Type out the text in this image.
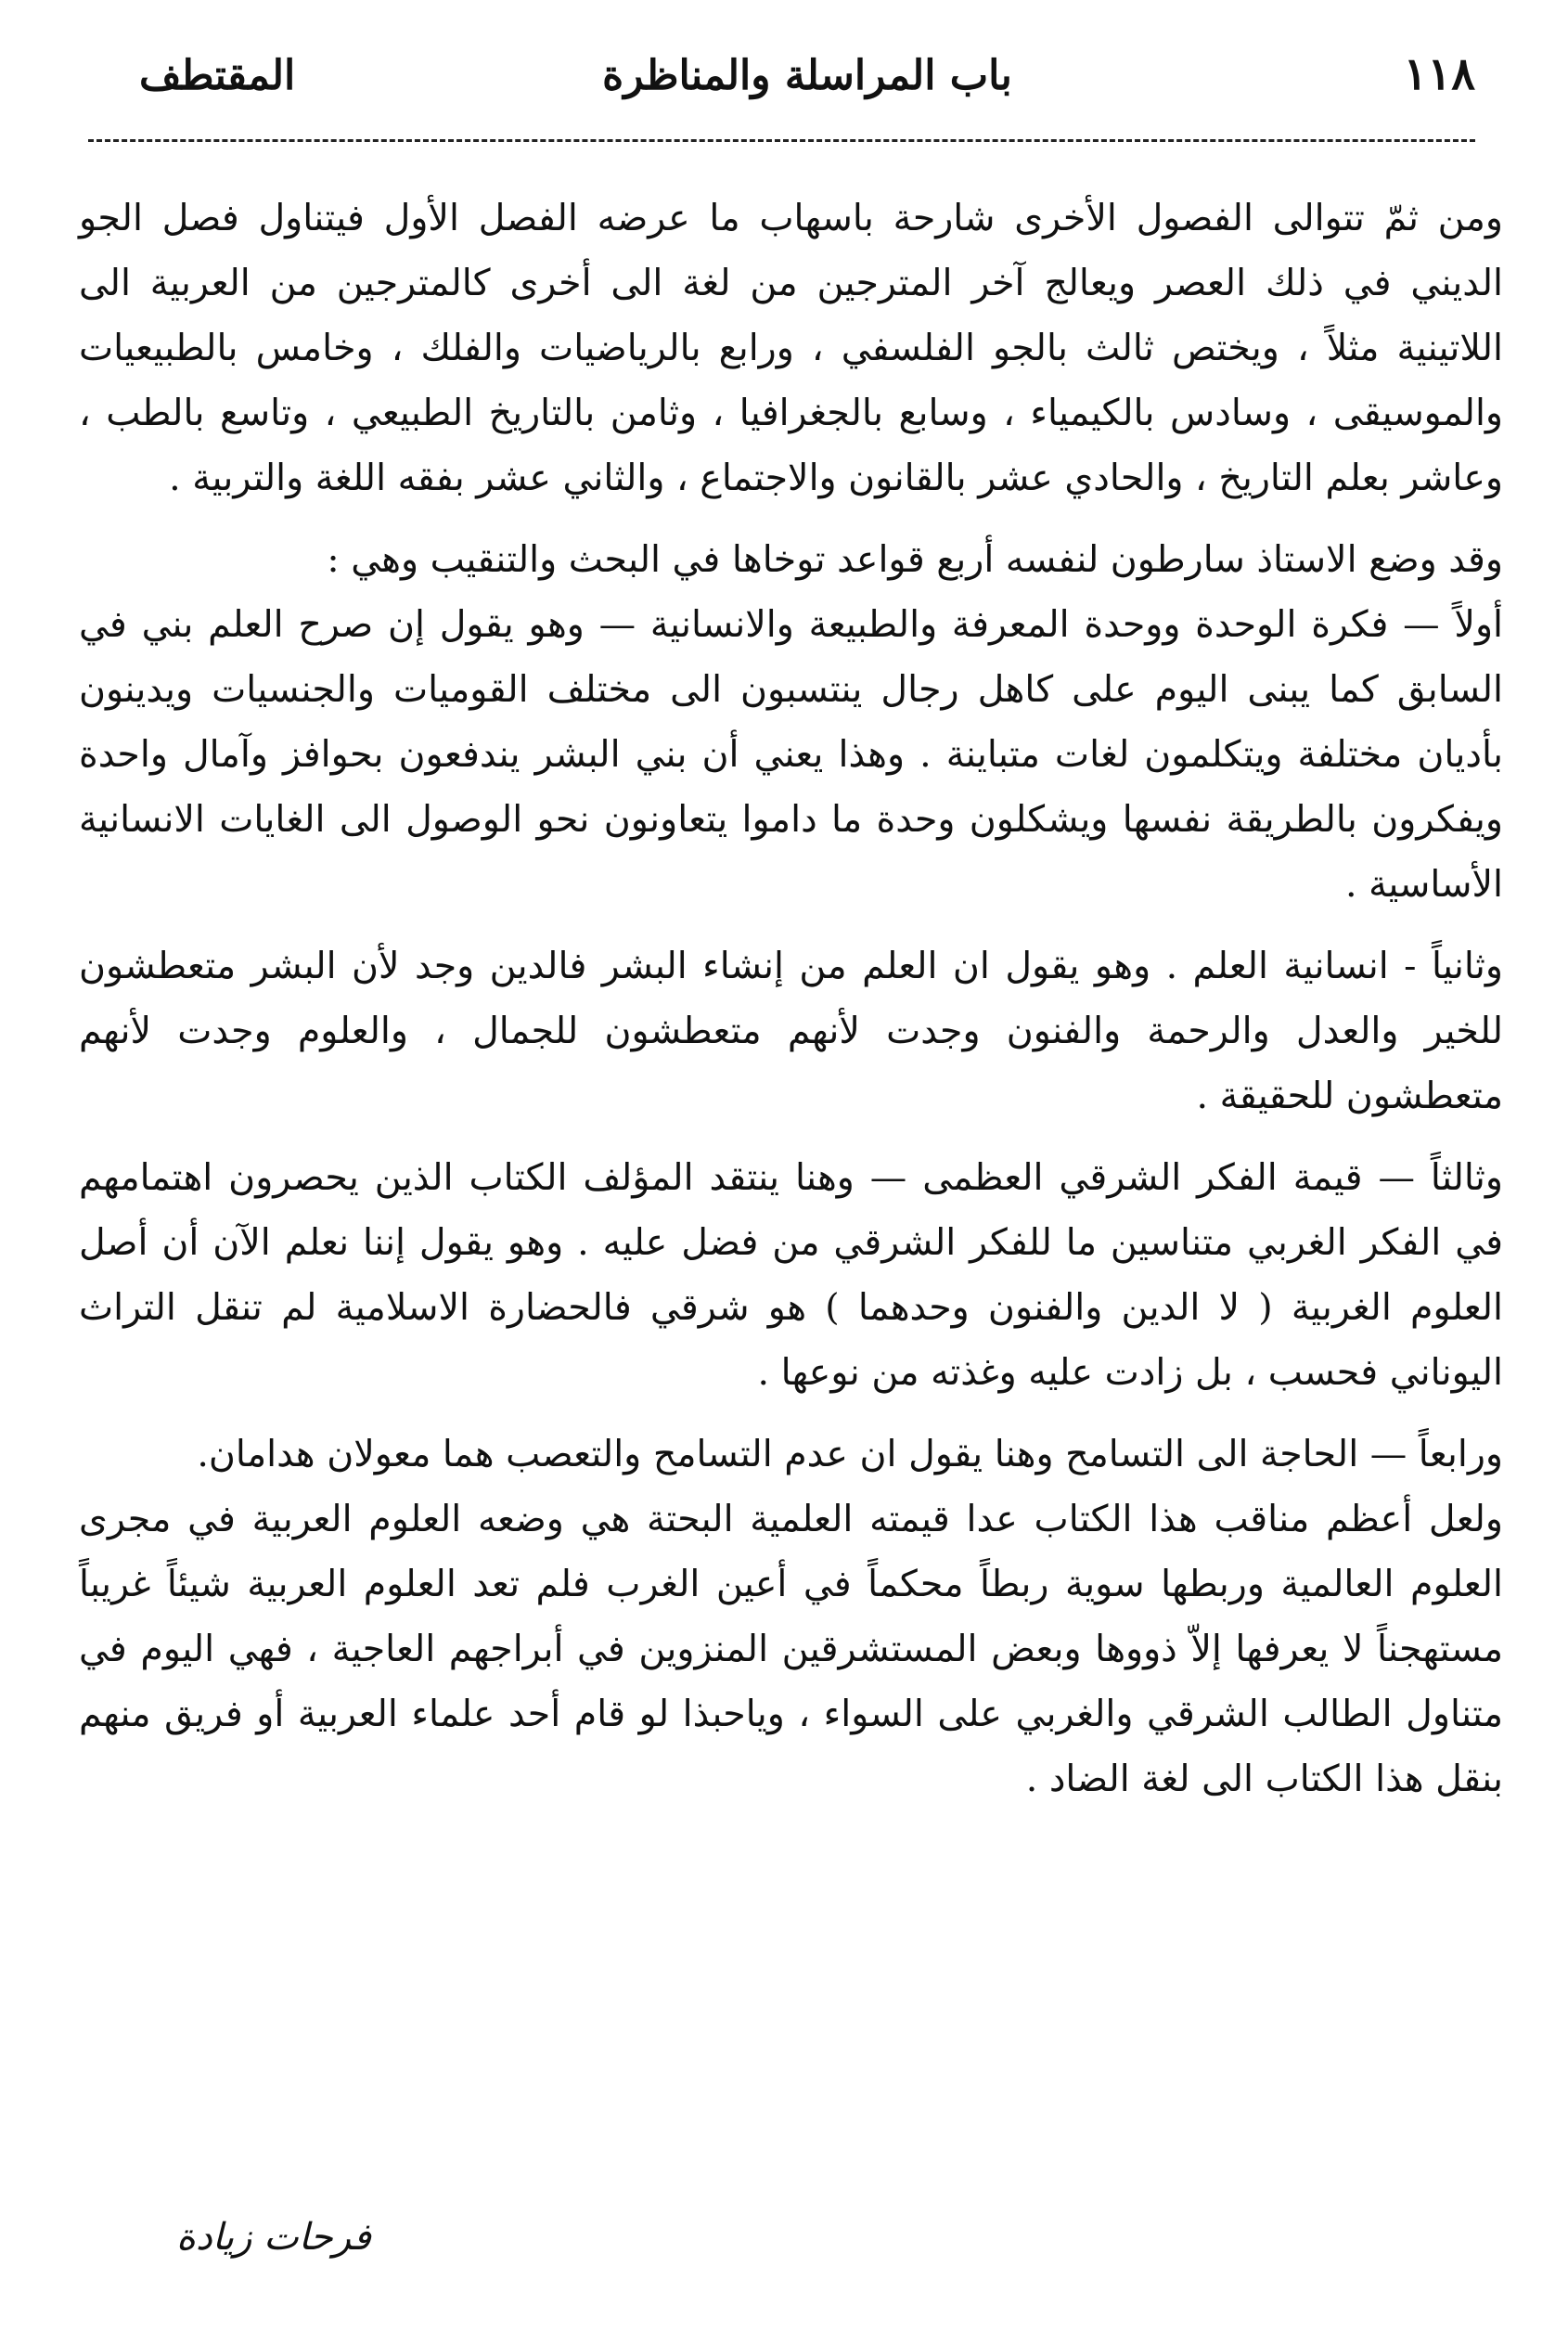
١١٨
باب المراسلة والمناظرة
المقتطف

ومن ثمّ تتوالى الفصول الأخرى شارحة باسهاب ما عرضه الفصل الأول فيتناول فصل الجو الديني في ذلك العصر ويعالج آخر المترجين من لغة الى أخرى كالمترجين من العربية الى اللاتينية مثلاً ، ويختص ثالث بالجو الفلسفي ، ورابع بالرياضيات والفلك ، وخامس بالطبيعيات والموسيقى ، وسادس بالكيمياء ، وسابع بالجغرافيا ، وثامن بالتاريخ الطبيعي ، وتاسع بالطب ، وعاشر بعلم التاريخ ، والحادي عشر بالقانون والاجتماع ، والثاني عشر بفقه اللغة والتربية .

وقد وضع الاستاذ سارطون لنفسه أربع قواعد توخاها في البحث والتنقيب وهي :

أولاً — فكرة الوحدة ووحدة المعرفة والطبيعة والانسانية — وهو يقول إن صرح العلم بني في السابق كما يبنى اليوم على كاهل رجال ينتسبون الى مختلف القوميات والجنسيات ويدينون بأديان مختلفة ويتكلمون لغات متباينة . وهذا يعني أن بني البشر يندفعون بحوافز وآمال واحدة ويفكرون بالطريقة نفسها ويشكلون وحدة ما داموا يتعاونون نحو الوصول الى الغايات الانسانية الأساسية .

وثانياً - انسانية العلم . وهو يقول ان العلم من إنشاء البشر فالدين وجد لأن البشر متعطشون للخير والعدل والرحمة والفنون وجدت لأنهم متعطشون للجمال ، والعلوم وجدت لأنهم متعطشون للحقيقة .

وثالثاً — قيمة الفكر الشرقي العظمى — وهنا ينتقد المؤلف الكتاب الذين يحصرون اهتمامهم في الفكر الغربي متناسين ما للفكر الشرقي من فضل عليه . وهو يقول إننا نعلم الآن أن أصل العلوم الغربية ( لا الدين والفنون وحدهما ) هو شرقي فالحضارة الاسلامية لم تنقل التراث اليوناني فحسب ، بل زادت عليه وغذته من نوعها .

ورابعاً — الحاجة الى التسامح وهنا يقول ان عدم التسامح والتعصب هما معولان هدامان.

ولعل أعظم مناقب هذا الكتاب عدا قيمته العلمية البحتة هي وضعه العلوم العربية في مجرى العلوم العالمية وربطها سوية ربطاً محكماً في أعين الغرب فلم تعد العلوم العربية شيئاً غريباً مستهجناً لا يعرفها إلاّ ذووها وبعض المستشرقين المنزوين في أبراجهم العاجية ، فهي اليوم في متناول الطالب الشرقي والغربي على السواء ، وياحبذا لو قام أحد علماء العربية أو فريق منهم بنقل هذا الكتاب الى لغة الضاد .

فرحات زيادة
